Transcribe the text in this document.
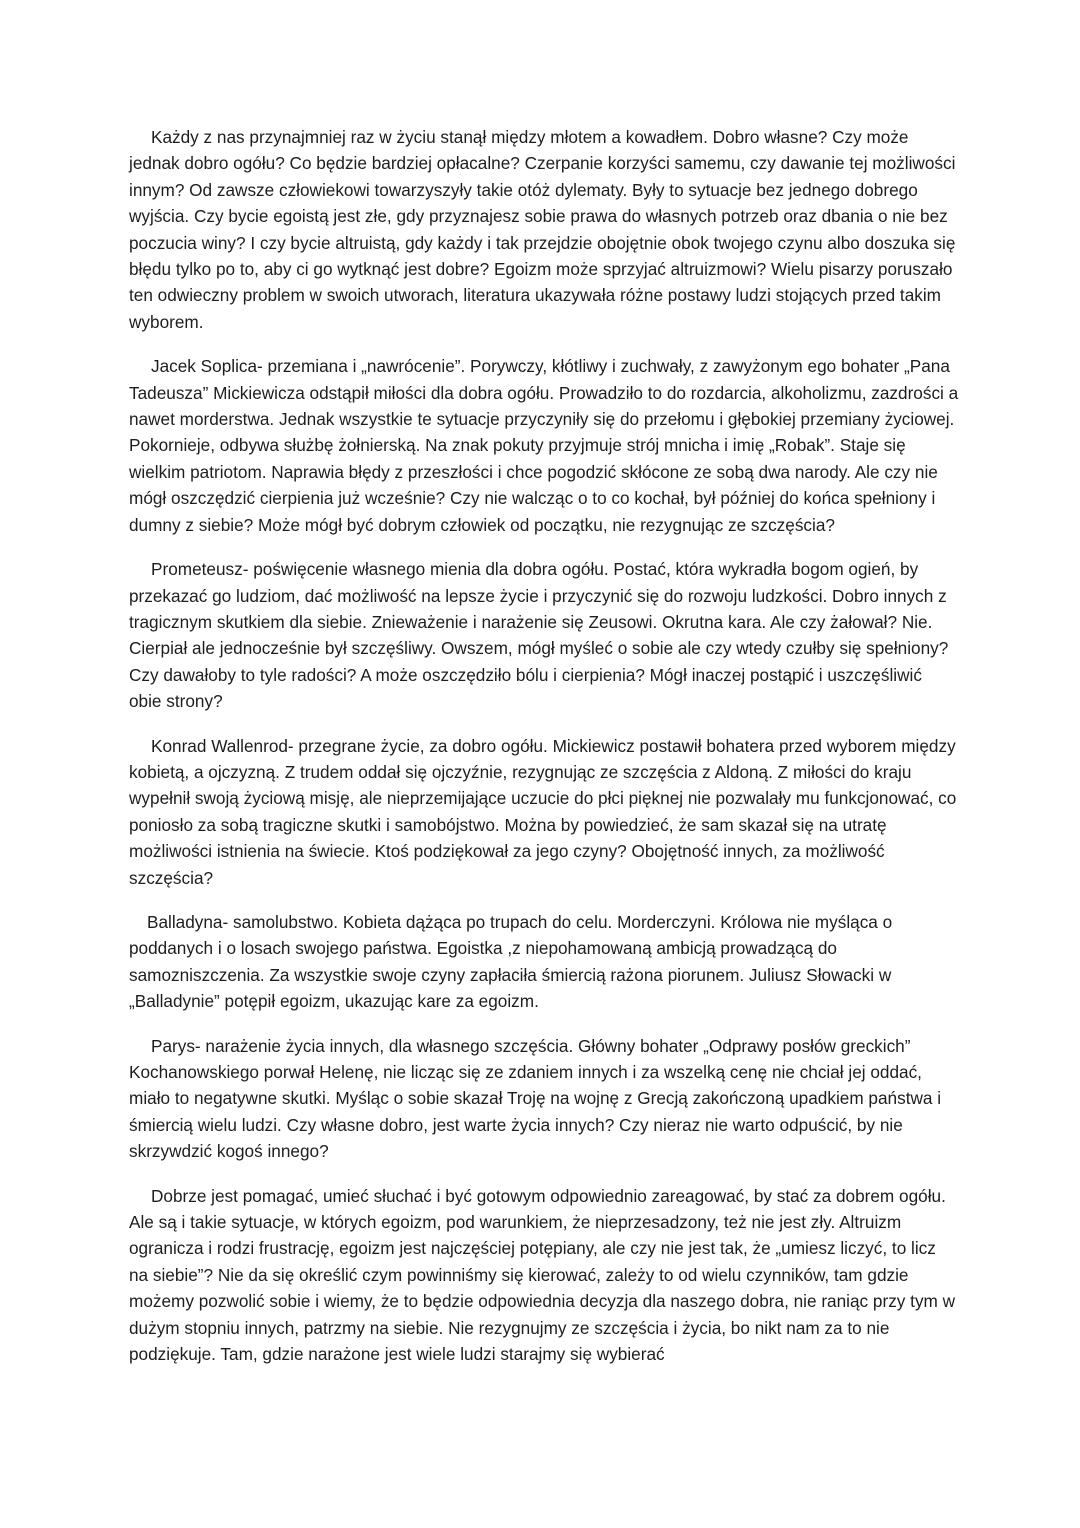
Każdy z nas przynajmniej raz w życiu stanął między młotem a kowadłem. Dobro własne? Czy może jednak dobro ogółu? Co będzie bardziej opłacalne? Czerpanie korzyści samemu, czy dawanie tej możliwości innym? Od zawsze człowiekowi towarzyszyły takie otóż dylematy. Były to sytuacje bez jednego dobrego wyjścia. Czy bycie egoistą jest złe, gdy przyznajesz sobie prawa do własnych potrzeb oraz dbania o nie bez poczucia winy? I czy bycie altruistą, gdy każdy i tak przejdzie obojętnie obok twojego czynu albo doszuka się błędu tylko po to, aby ci go wytknąć jest dobre? Egoizm może sprzyjać altruizmowi? Wielu pisarzy poruszało ten odwieczny problem w swoich utworach, literatura ukazywała różne postawy ludzi stojących przed takim wyborem.

Jacek Soplica- przemiana i „nawrócenie”. Porywczy, kłótliwy i zuchwały, z zawyżonym ego bohater „Pana Tadeusza” Mickiewicza odstąpił miłości dla dobra ogółu. Prowadziło to do rozdarcia, alkoholizmu, zazdrości a nawet morderstwa. Jednak wszystkie te sytuacje przyczyniły się do przełomu i głębokiej przemiany życiowej. Pokornieje, odbywa służbę żołnierską. Na znak pokuty przyjmuje strój mnicha i imię „Robak”. Staje się wielkim patriotom. Naprawia błędy z przeszłości i chce pogodzić skłócone ze sobą dwa narody. Ale czy nie mógł oszczędzić cierpienia już wcześnie? Czy nie walcząc o to co kochał, był później do końca spełniony i dumny z siebie? Może mógł być dobrym człowiek od początku, nie rezygnując ze szczęścia?

Prometeusz- poświęcenie własnego mienia dla dobra ogółu. Postać, która wykradła bogom ogień, by przekazać go ludziom, dać możliwość na lepsze życie i przyczynić się do rozwoju ludzkości. Dobro innych z tragicznym skutkiem dla siebie. Znieważenie i narażenie się Zeusowi. Okrutna kara. Ale czy żałował? Nie. Cierpiał ale jednocześnie był szczęśliwy. Owszem, mógł myśleć o sobie ale czy wtedy czułby się spełniony? Czy dawałoby to tyle radości? A może oszczędziło bólu i cierpienia? Mógł inaczej postąpić i uszczęśliwić obie strony?

Konrad Wallenrod- przegrane życie, za dobro ogółu. Mickiewicz postawił bohatera przed wyborem między kobietą, a ojczyzną. Z trudem oddał się ojczyźnie, rezygnując ze szczęścia z Aldoną. Z miłości do kraju wypełnił swoją życiową misję, ale nieprzemijające uczucie do płci pięknej nie pozwalały mu funkcjonować, co poniosło za sobą tragiczne skutki i samobójstwo. Można by powiedzieć, że sam skazał się na utratę możliwości istnienia na świecie. Ktoś podziękował za jego czyny? Obojętność innych, za możliwość szczęścia?

Balladyna- samolubstwo. Kobieta dążąca po trupach do celu. Morderczyni. Królowa nie myśląca o poddanych i o losach swojego państwa. Egoistka ,z niepohamowaną ambicją prowadzącą do samozniszczenia. Za wszystkie swoje czyny zapłaciła śmiercią rażona piorunem. Juliusz Słowacki w „Balladynie” potępił egoizm, ukazując kare za egoizm.

Parys- narażenie życia innych, dla własnego szczęścia. Główny bohater „Odprawy posłów greckich” Kochanowskiego porwał Helenę, nie licząc się ze zdaniem innych i za wszelką cenę nie chciał jej oddać, miało to negatywne skutki. Myśląc o sobie skazał Troję na wojnę z Grecją zakończoną upadkiem państwa i śmiercią wielu ludzi. Czy własne dobro, jest warte życia innych? Czy nieraz nie warto odpuścić, by nie skrzywdzić kogoś innego?

Dobrze jest pomagać, umieć słuchać i być gotowym odpowiednio zareagować, by stać za dobrem ogółu. Ale są i takie sytuacje, w których egoizm, pod warunkiem, że nieprzesadzony, też nie jest zły. Altruizm ogranicza i rodzi frustrację, egoizm jest najczęściej potępiany, ale czy nie jest tak, że „umiesz liczyć, to licz na siebie”? Nie da się określić czym powinniśmy się kierować, zależy to od wielu czynników, tam gdzie możemy pozwolić sobie i wiemy, że to będzie odpowiednia decyzja dla naszego dobra, nie raniąc przy tym w dużym stopniu innych, patrzmy na siebie. Nie rezygnujmy ze szczęścia i życia, bo nikt nam za to nie podziękuje. Tam, gdzie narażone jest wiele ludzi starajmy się wybierać
